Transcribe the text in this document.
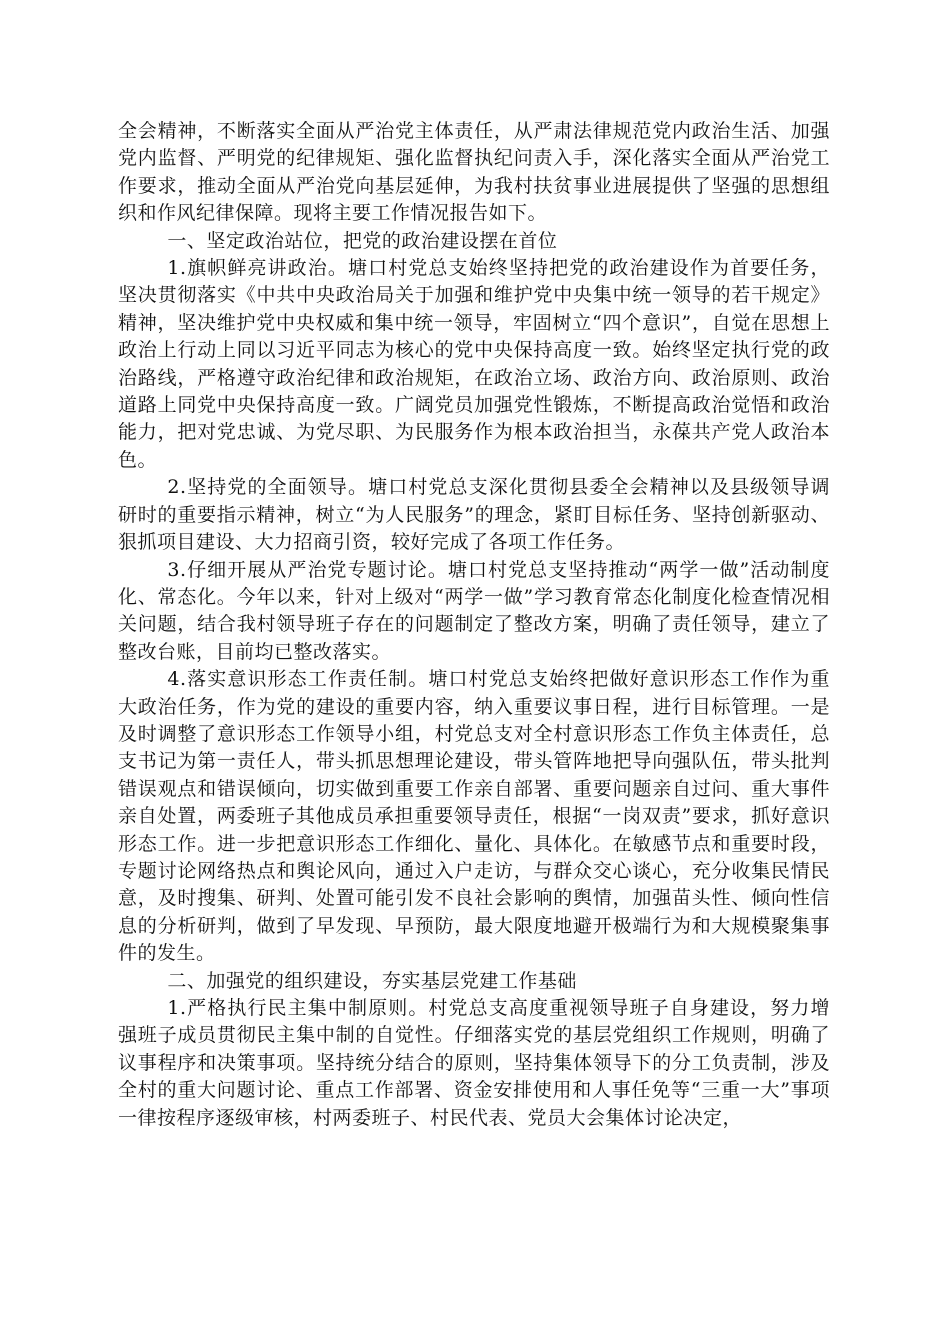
全会精神，不断落实全面从严治党主体责任，从严肃法律规范党内政治生活、加强党内监督、严明党的纪律规矩、强化监督执纪问责入手，深化落实全面从严治党工作要求，推动全面从严治党向基层延伸，为我村扶贫事业进展提供了坚强的思想组织和作风纪律保障。现将主要工作情况报告如下。

一、坚定政治站位，把党的政治建设摆在首位

1.旗帜鲜亮讲政治。塘口村党总支始终坚持把党的政治建设作为首要任务，坚决贯彻落实《中共中央政治局关于加强和维护党中央集中统一领导的若干规定》精神，坚决维护党中央权威和集中统一领导，牢固树立“四个意识”，自觉在思想上政治上行动上同以习近平同志为核心的党中央保持高度一致。始终坚定执行党的政治路线，严格遵守政治纪律和政治规矩，在政治立场、政治方向、政治原则、政治道路上同党中央保持高度一致。广阔党员加强党性锻炼，不断提高政治觉悟和政治能力，把对党忠诚、为党尽职、为民服务作为根本政治担当，永葆共产党人政治本色。

2.坚持党的全面领导。塘口村党总支深化贯彻县委全会精神以及县级领导调研时的重要指示精神，树立“为人民服务”的理念，紧盯目标任务、坚持创新驱动、狠抓项目建设、大力招商引资，较好完成了各项工作任务。

3.仔细开展从严治党专题讨论。塘口村党总支坚持推动“两学一做”活动制度化、常态化。今年以来，针对上级对“两学一做”学习教育常态化制度化检查情况相关问题，结合我村领导班子存在的问题制定了整改方案，明确了责任领导，建立了整改台账，目前均已整改落实。

4.落实意识形态工作责任制。塘口村党总支始终把做好意识形态工作作为重大政治任务，作为党的建设的重要内容，纳入重要议事日程，进行目标管理。一是及时调整了意识形态工作领导小组，村党总支对全村意识形态工作负主体责任，总支书记为第一责任人，带头抓思想理论建设，带头管阵地把导向强队伍，带头批判错误观点和错误倾向，切实做到重要工作亲自部署、重要问题亲自过问、重大事件亲自处置，两委班子其他成员承担重要领导责任，根据“一岗双责”要求，抓好意识形态工作。进一步把意识形态工作细化、量化、具体化。在敏感节点和重要时段，专题讨论网络热点和舆论风向，通过入户走访，与群众交心谈心，充分收集民情民意，及时搜集、研判、处置可能引发不良社会影响的舆情，加强苗头性、倾向性信息的分析研判，做到了早发现、早预防，最大限度地避开极端行为和大规模聚集事件的发生。

二、加强党的组织建设，夯实基层党建工作基础

1.严格执行民主集中制原则。村党总支高度重视领导班子自身建设，努力增强班子成员贯彻民主集中制的自觉性。仔细落实党的基层党组织工作规则，明确了议事程序和决策事项。坚持统分结合的原则，坚持集体领导下的分工负责制，涉及全村的重大问题讨论、重点工作部署、资金安排使用和人事任免等“三重一大”事项一律按程序逐级审核，村两委班子、村民代表、党员大会集体讨论决定，
